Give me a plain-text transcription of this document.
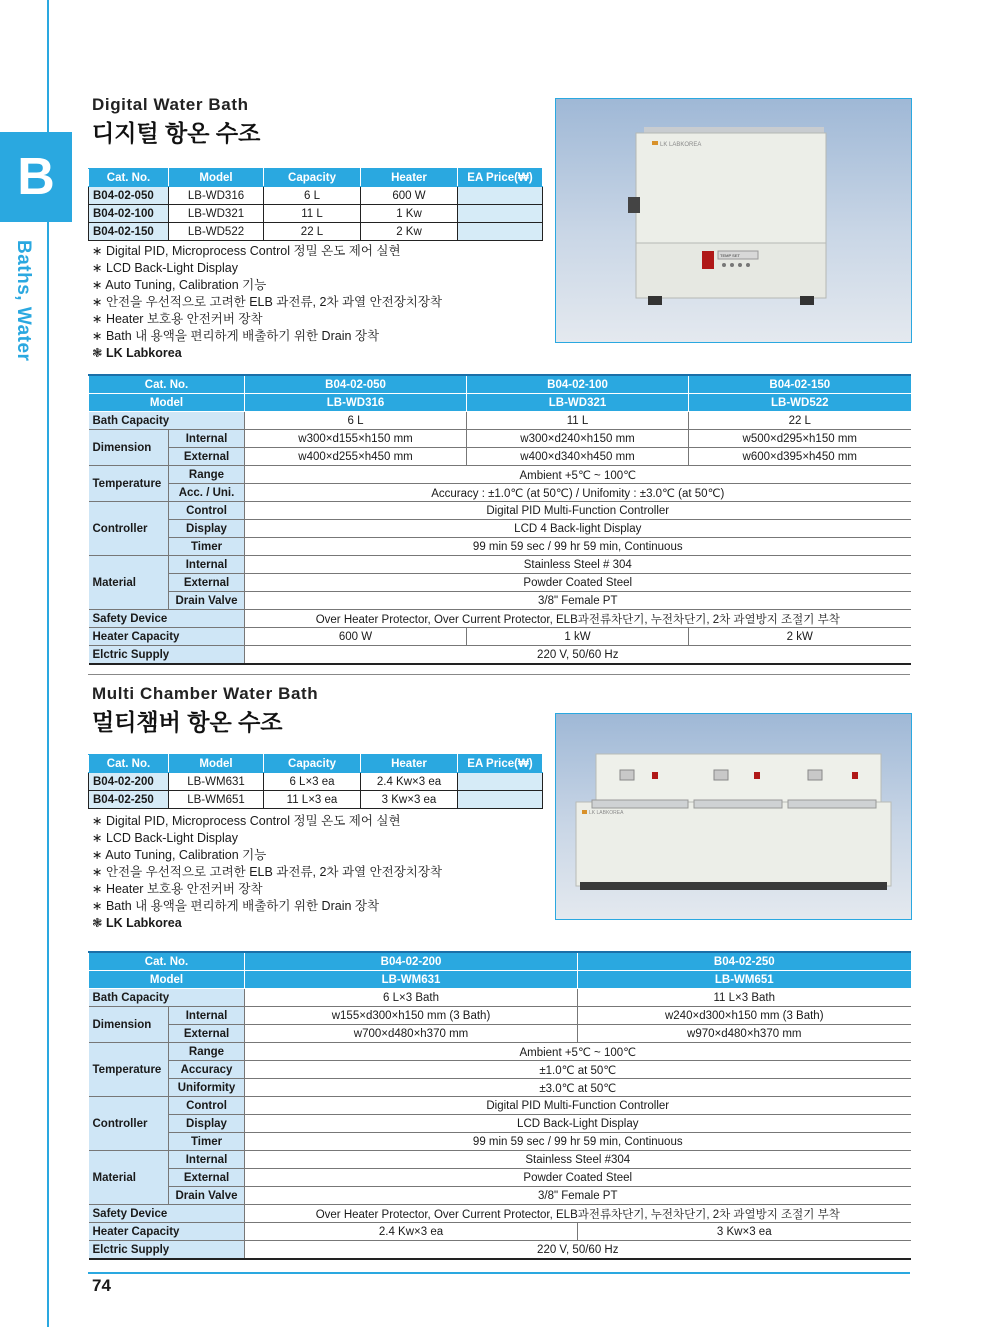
B
Baths, Water
Digital Water Bath
디지털 항온 수조
Cat. No.	Model	Capacity	Heater	EA Price(₩)
B04-02-050	LB-WD316	6 L	600 W	
B04-02-100	LB-WD321	11 L	1 Kw	
B04-02-150	LB-WD522	22 L	2 Kw	
∗ Digital PID, Microprocess Control 정밀 온도 제어 실현
∗ LCD Back-Light Display
∗ Auto Tuning, Calibration 기능
∗ 안전을 우선적으로 고려한 ELB 과전류, 2차 과열 안전장치장착
∗ Heater 보호용 안전커버 장착
∗ Bath 내 용액을 편리하게 배출하기 위한 Drain 장착
❃ LK Labkorea
LK LABKOREA
TEMP SET
Cat. No.		B04-02-050	B04-02-100	B04-02-150
Model		LB-WD316	LB-WD321	LB-WD522
Bath Capacity		6 L	11 L	22 L
Dimension	Internal	w300×d155×h150 mm	w300×d240×h150 mm	w500×d295×h150 mm
	External	w400×d255×h450 mm	w400×d340×h450 mm	w600×d395×h450 mm
Temperature	Range	Ambient +5℃ ~ 100℃		
	Acc. / Uni.	Accuracy : ±1.0℃ (at 50℃) / Unifomity : ±3.0℃ (at 50℃)		
Controller	Control	Digital PID Multi-Function Controller		
	Display	LCD 4 Back-light Display		
	Timer	99 min 59 sec / 99 hr 59 min, Continuous		
Material	Internal	Stainless Steel # 304		
	External	Powder Coated Steel		
	Drain Valve	3/8" Female PT		
Safety Device		Over Heater Protector, Over Current Protector, ELB과전류차단기, 누전차단기, 2차 과열방지 조절기 부착		
Heater Capacity		600 W	1 kW	2 kW
Elctric Supply		220 V, 50/60 Hz		
Multi Chamber Water Bath
멀티챔버 항온 수조
Cat. No.	Model	Capacity	Heater	EA Price(₩)
B04-02-200	LB-WM631	6 L×3 ea	2.4 Kw×3 ea	
B04-02-250	LB-WM651	11 L×3 ea	3 Kw×3 ea	
∗ Digital PID, Microprocess Control 정밀 온도 제어 실현
∗ LCD Back-Light Display
∗ Auto Tuning, Calibration 기능
∗ 안전을 우선적으로 고려한 ELB 과전류, 2차 과열 안전장치장착
∗ Heater 보호용 안전커버 장착
∗ Bath 내 용액을 편리하게 배출하기 위한 Drain 장착
❃ LK Labkorea
LK LABKOREA
Cat. No.		B04-02-200	B04-02-250
Model		LB-WM631	LB-WM651
Bath Capacity		6 L×3 Bath	11 L×3 Bath
Dimension	Internal	w155×d300×h150 mm (3 Bath)	w240×d300×h150 mm (3 Bath)
	External	w700×d480×h370 mm	w970×d480×h370 mm
Temperature	Range	Ambient +5℃ ~ 100℃	
	Accuracy	±1.0℃ at 50℃	
	Uniformity	±3.0℃ at 50℃	
Controller	Control	Digital PID Multi-Function Controller	
	Display	LCD Back-Light Display	
	Timer	99 min 59 sec / 99 hr 59 min, Continuous	
Material	Internal	Stainless Steel #304	
	External	Powder Coated Steel	
	Drain Valve	3/8" Female PT	
Safety Device		Over Heater Protector, Over Current Protector, ELB과전류차단기, 누전차단기, 2차 과열방지 조절기 부착	
Heater Capacity		2.4 Kw×3 ea	3 Kw×3 ea
Elctric Supply		220 V, 50/60 Hz	
74
